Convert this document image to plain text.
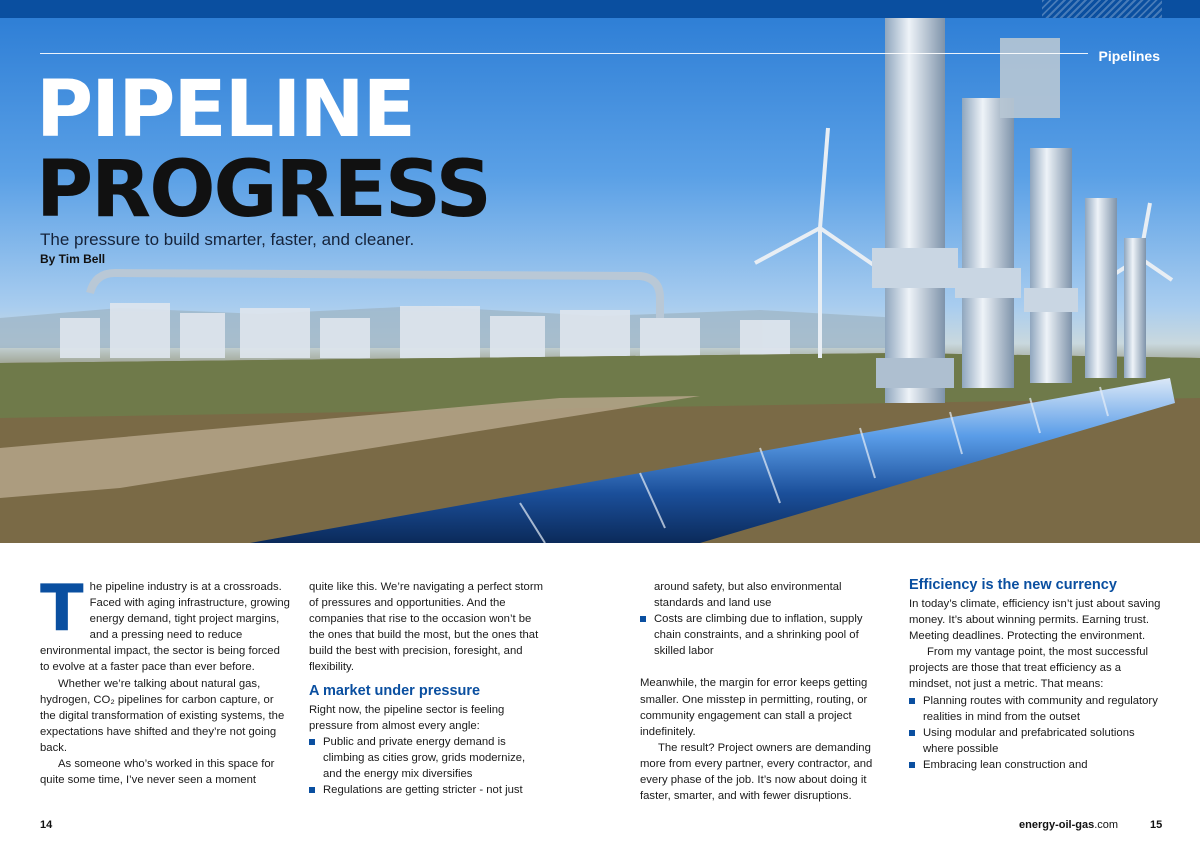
Pipelines
PIPELINE
PROGRESS
The pressure to build smarter, faster, and cleaner.
By Tim Bell

The pipeline industry is at a crossroads. Faced with aging infrastructure, growing energy demand, tight project margins, and a pressing need to reduce environmental impact, the sector is being forced to evolve at a faster pace than ever before.

Whether we’re talking about natural gas, hydrogen, CO₂ pipelines for carbon capture, or the digital transformation of existing systems, the expectations have shifted and they’re not going back.

As someone who’s worked in this space for quite some time, I’ve never seen a moment

quite like this. We’re navigating a perfect storm of pressures and opportunities. And the companies that rise to the occasion won’t be the ones that build the most, but the ones that build the best with precision, foresight, and flexibility.

A market under pressure

Right now, the pipeline sector is feeling pressure from almost every angle:

Public and private energy demand is climbing as cities grow, grids modernize, and the energy mix diversifies
Regulations are getting stricter - not just

around safety, but also environmental standards and land use

Costs are climbing due to inflation, supply chain constraints, and a shrinking pool of skilled labor

Meanwhile, the margin for error keeps getting smaller. One misstep in permitting, routing, or community engagement can stall a project indefinitely.

The result? Project owners are demanding more from every partner, every contractor, and every phase of the job. It’s now about doing it faster, smarter, and with fewer disruptions.

Efficiency is the new currency

In today’s climate, efficiency isn’t just about saving money. It’s about winning permits. Earning trust. Meeting deadlines. Protecting the environment.

From my vantage point, the most successful projects are those that treat efficiency as a mindset, not just a metric. That means:

Planning routes with community and regulatory realities in mind from the outset
Using modular and prefabricated solutions where possible
Embracing lean construction and
14	energy-oil-gas.com	15
